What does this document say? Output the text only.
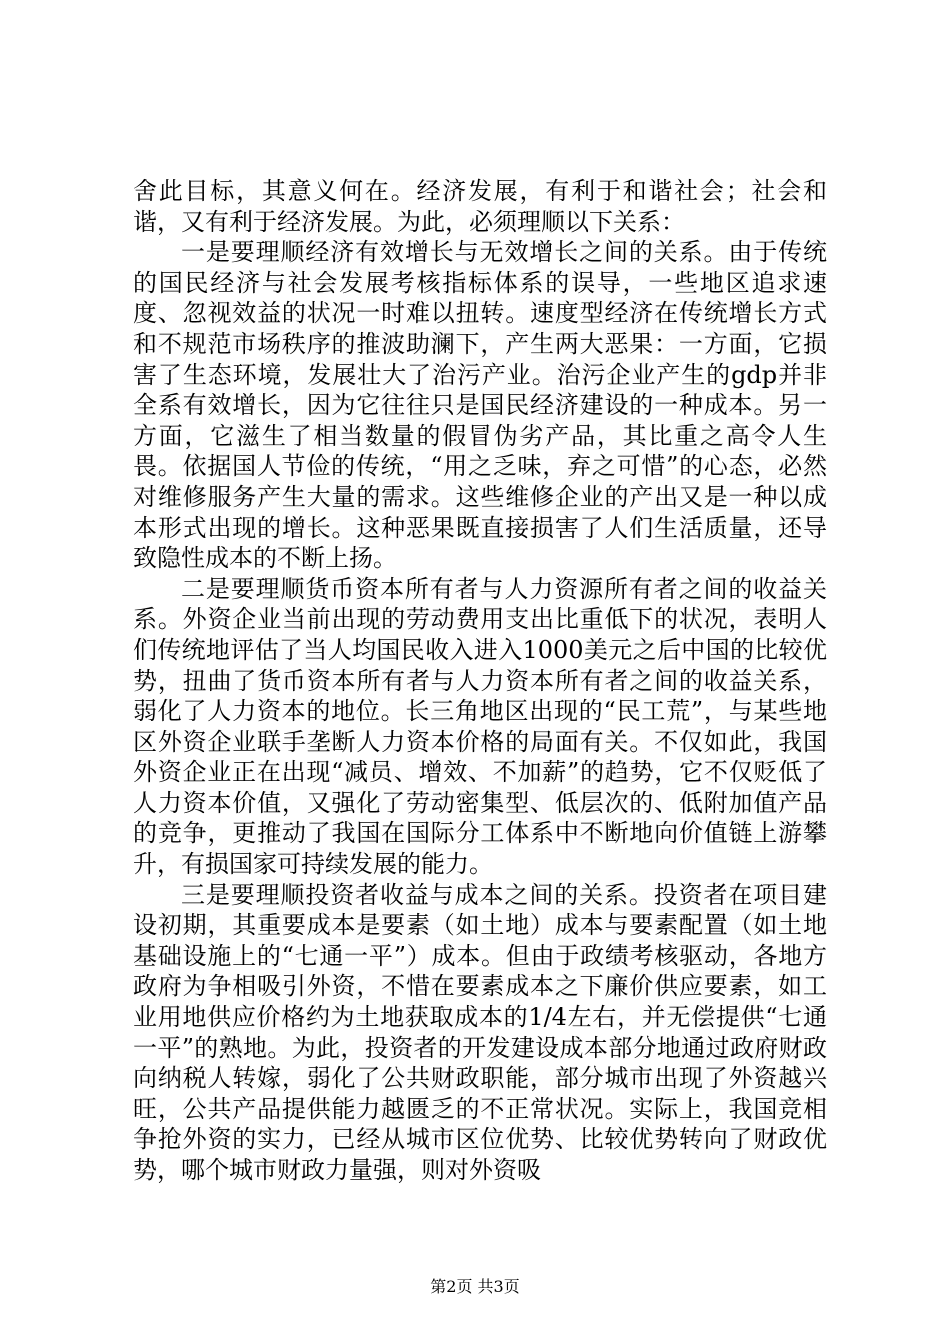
舍此目标，其意义何在。经济发展，有利于和谐社会；社会和谐，又有利于经济发展。为此，必须理顺以下关系：

一是要理顺经济有效增长与无效增长之间的关系。由于传统的国民经济与社会发展考核指标体系的误导，一些地区追求速度、忽视效益的状况一时难以扭转。速度型经济在传统增长方式和不规范市场秩序的推波助澜下，产生两大恶果：一方面，它损害了生态环境，发展壮大了治污产业。治污企业产生的gdp并非全系有效增长，因为它往往只是国民经济建设的一种成本。另一方面，它滋生了相当数量的假冒伪劣产品，其比重之高令人生畏。依据国人节俭的传统，“用之乏味，弃之可惜”的心态，必然对维修服务产生大量的需求。这些维修企业的产出又是一种以成本形式出现的增长。这种恶果既直接损害了人们生活质量，还导致隐性成本的不断上扬。

二是要理顺货币资本所有者与人力资源所有者之间的收益关系。外资企业当前出现的劳动费用支出比重低下的状况，表明人们传统地评估了当人均国民收入进入1000美元之后中国的比较优势，扭曲了货币资本所有者与人力资本所有者之间的收益关系，弱化了人力资本的地位。长三角地区出现的“民工荒”，与某些地区外资企业联手垄断人力资本价格的局面有关。不仅如此，我国外资企业正在出现“减员、增效、不加薪”的趋势，它不仅贬低了人力资本价值，又强化了劳动密集型、低层次的、低附加值产品的竞争，更推动了我国在国际分工体系中不断地向价值链上游攀升，有损国家可持续发展的能力。

三是要理顺投资者收益与成本之间的关系。投资者在项目建设初期，其重要成本是要素（如土地）成本与要素配置（如土地基础设施上的“七通一平”）成本。但由于政绩考核驱动，各地方政府为争相吸引外资，不惜在要素成本之下廉价供应要素，如工业用地供应价格约为土地获取成本的1/4左右，并无偿提供“七通一平”的熟地。为此，投资者的开发建设成本部分地通过政府财政向纳税人转嫁，弱化了公共财政职能，部分城市出现了外资越兴旺，公共产品提供能力越匮乏的不正常状况。实际上，我国竞相争抢外资的实力，已经从城市区位优势、比较优势转向了财政优势，哪个城市财政力量强，则对外资吸

第2页 共3页
